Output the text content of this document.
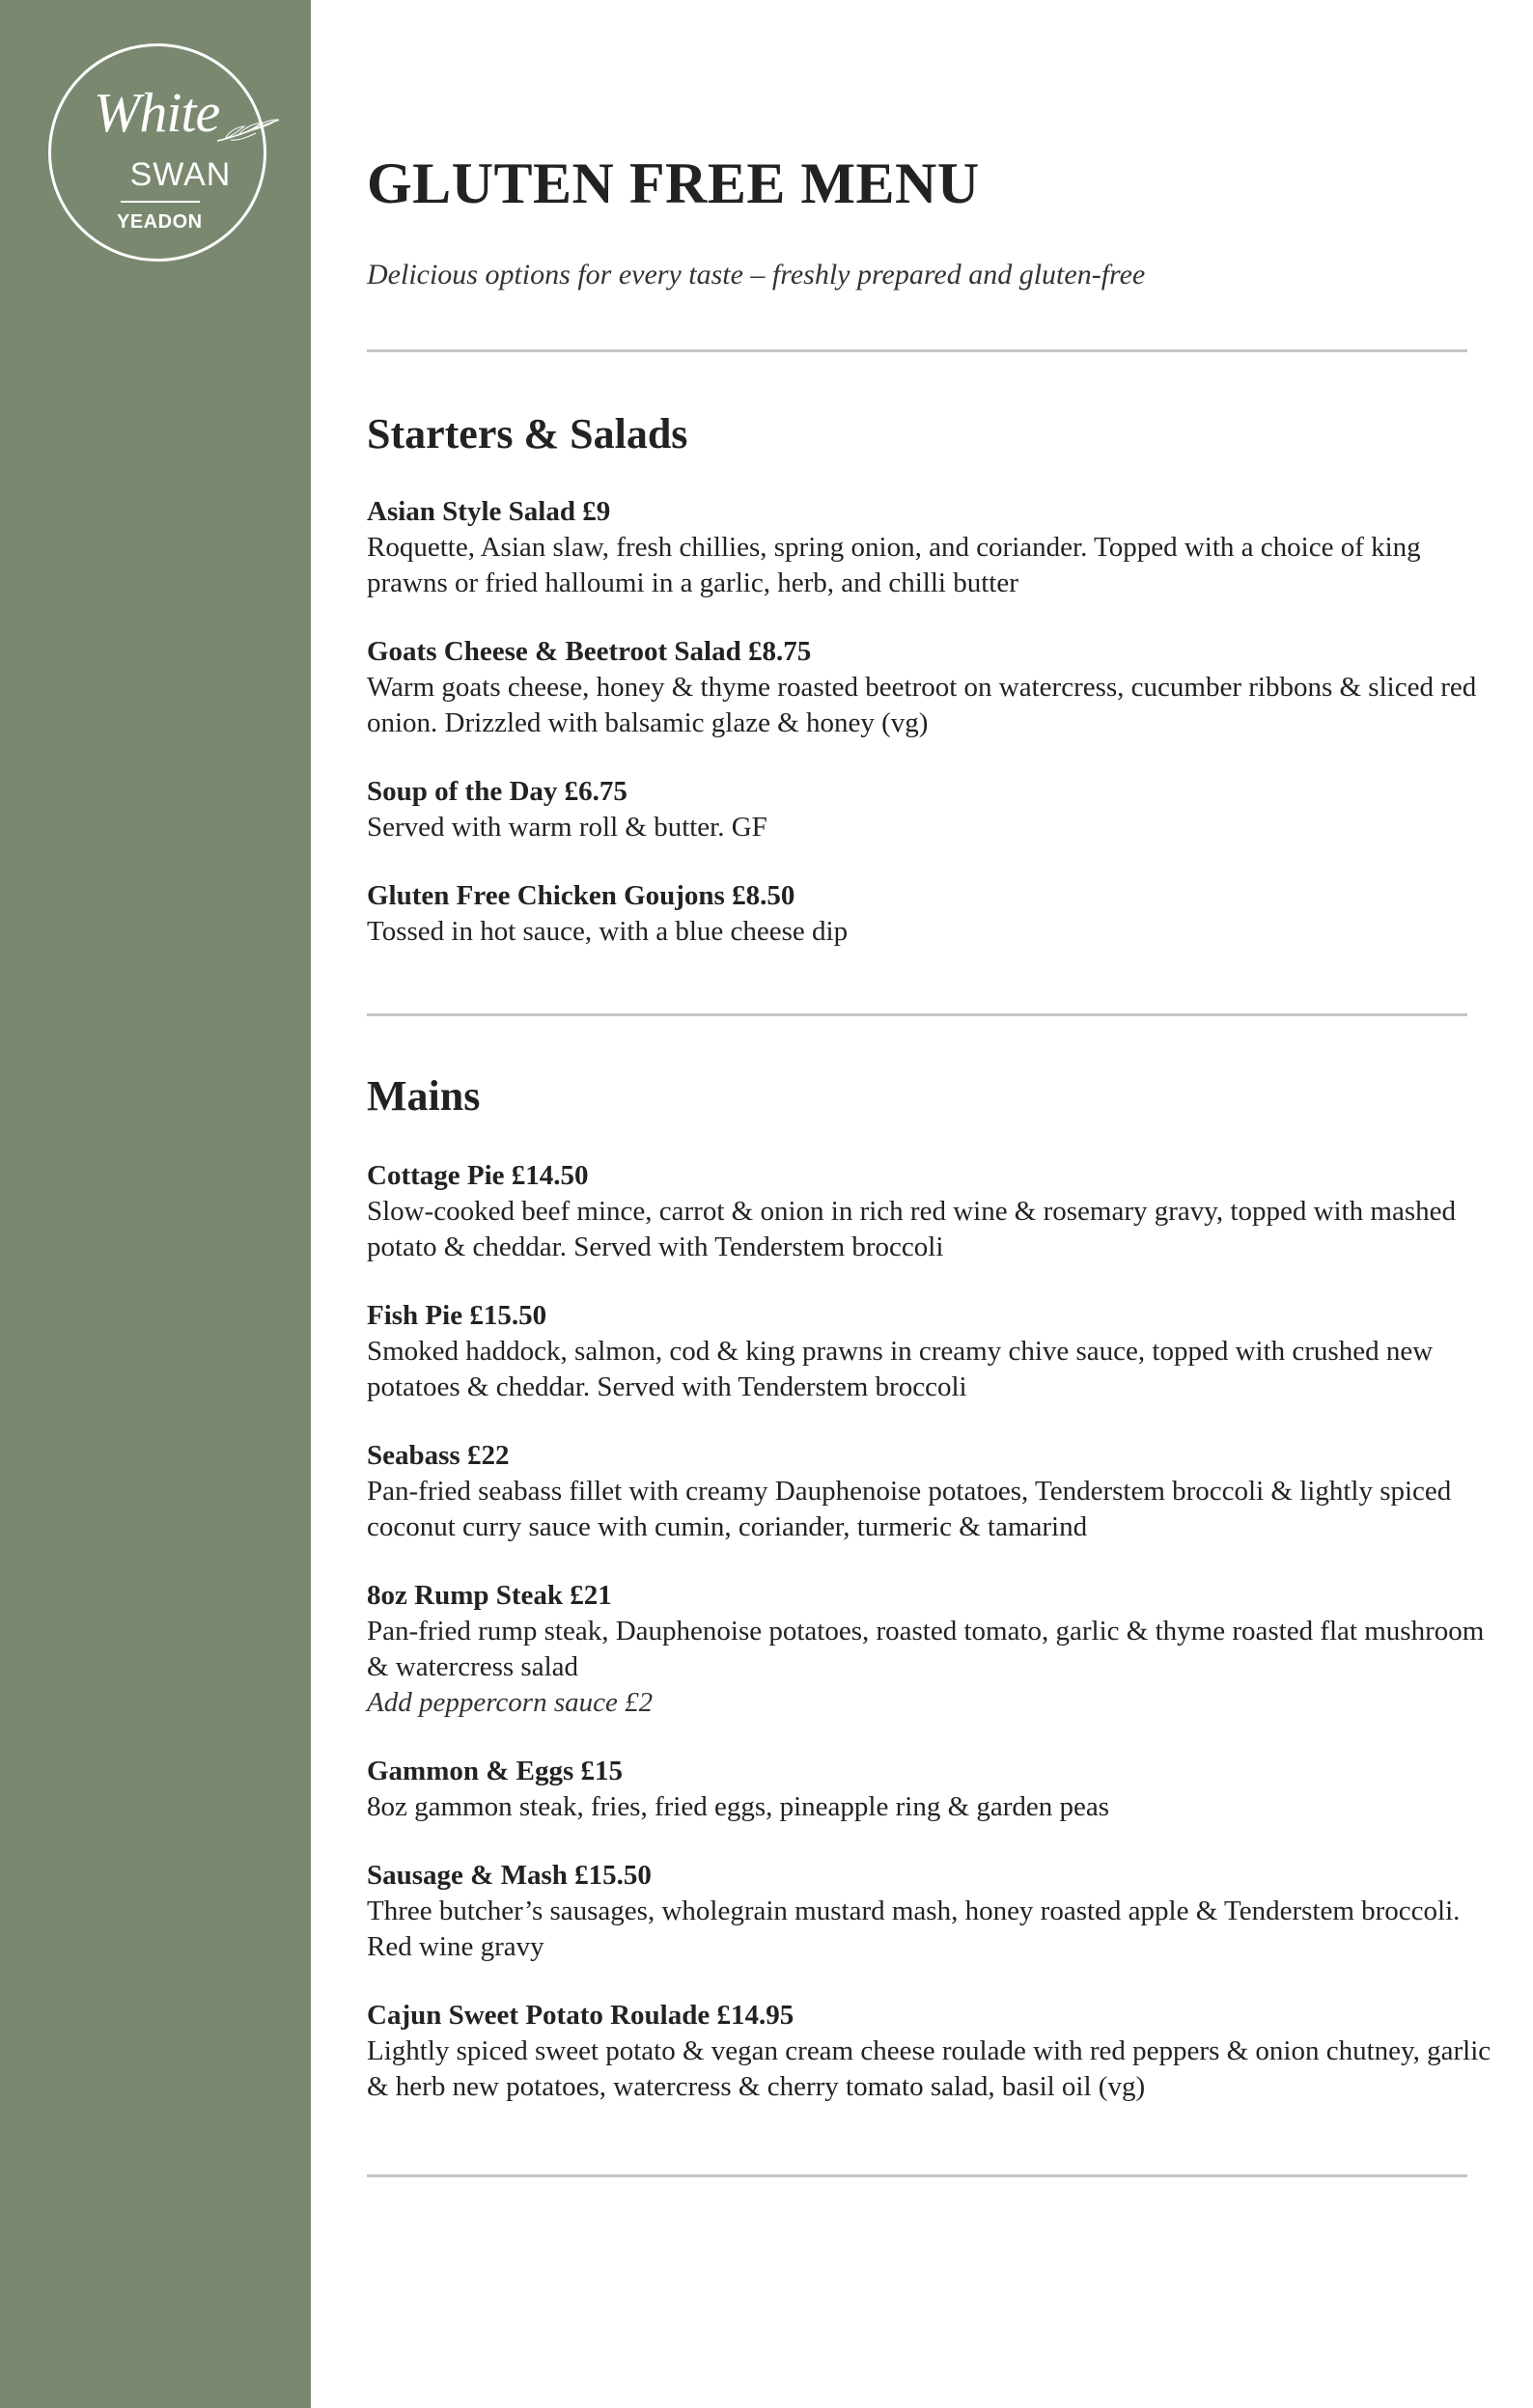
White
SWAN
YEADON
GLUTEN FREE MENU
Delicious options for every taste – freshly prepared and gluten-free
Starters & Salads
Asian Style Salad £9
Roquette, Asian slaw, fresh chillies, spring onion, and coriander. Topped with a choice of king prawns or fried halloumi in a garlic, herb, and chilli butter
Goats Cheese & Beetroot Salad £8.75
Warm goats cheese, honey & thyme roasted beetroot on watercress, cucumber ribbons & sliced red onion. Drizzled with balsamic glaze & honey (vg)
Soup of the Day £6.75
Served with warm roll & butter. GF
Gluten Free Chicken Goujons £8.50
Tossed in hot sauce, with a blue cheese dip
Mains
Cottage Pie £14.50
Slow-cooked beef mince, carrot & onion in rich red wine & rosemary gravy, topped with mashed potato & cheddar. Served with Tenderstem broccoli
Fish Pie £15.50
Smoked haddock, salmon, cod & king prawns in creamy chive sauce, topped with crushed new potatoes & cheddar. Served with Tenderstem broccoli
Seabass £22
Pan-fried seabass fillet with creamy Dauphenoise potatoes, Tenderstem broccoli & lightly spiced coconut curry sauce with cumin, coriander, turmeric & tamarind
8oz Rump Steak £21
Pan-fried rump steak, Dauphenoise potatoes, roasted tomato, garlic & thyme roasted flat mushroom & watercress salad
Add peppercorn sauce £2
Gammon & Eggs £15
8oz gammon steak, fries, fried eggs, pineapple ring & garden peas
Sausage & Mash £15.50
Three butcher’s sausages, wholegrain mustard mash, honey roasted apple & Tenderstem broccoli. Red wine gravy
Cajun Sweet Potato Roulade £14.95
Lightly spiced sweet potato & vegan cream cheese roulade with red peppers & onion chutney, garlic & herb new potatoes, watercress & cherry tomato salad, basil oil (vg)
